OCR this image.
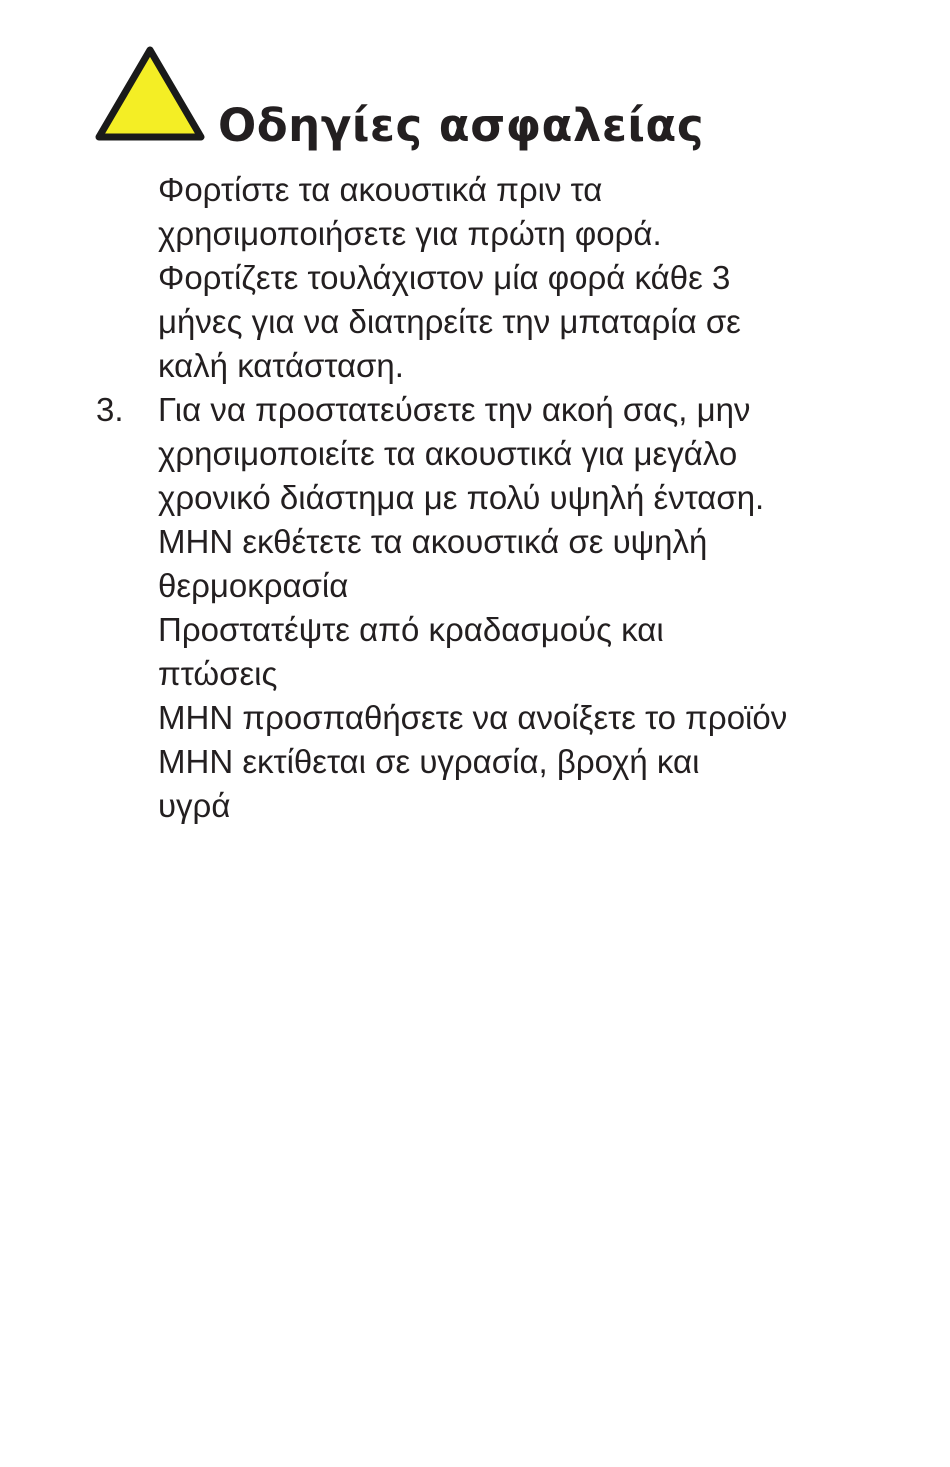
Οδηγίες ασφαλείας
Φορτίστε τα ακουστικά πριν τα
χρησιμοποιήσετε για πρώτη φορά.
Φορτίζετε τουλάχιστον μία φορά κάθε 3
μήνες για να διατηρείτε την μπαταρία σε
καλή κατάσταση.
3.	Για να προστατεύσετε την ακοή σας, μην
χρησιμοποιείτε τα ακουστικά για μεγάλο
χρονικό διάστημα με πολύ υψηλή ένταση.
ΜΗΝ εκθέτετε τα ακουστικά σε υψηλή
θερμοκρασία
Προστατέψτε από κραδασμούς και
πτώσεις
ΜΗΝ προσπαθήσετε να ανοίξετε το προϊόν
ΜΗΝ εκτίθεται σε υγρασία, βροχή και
υγρά
